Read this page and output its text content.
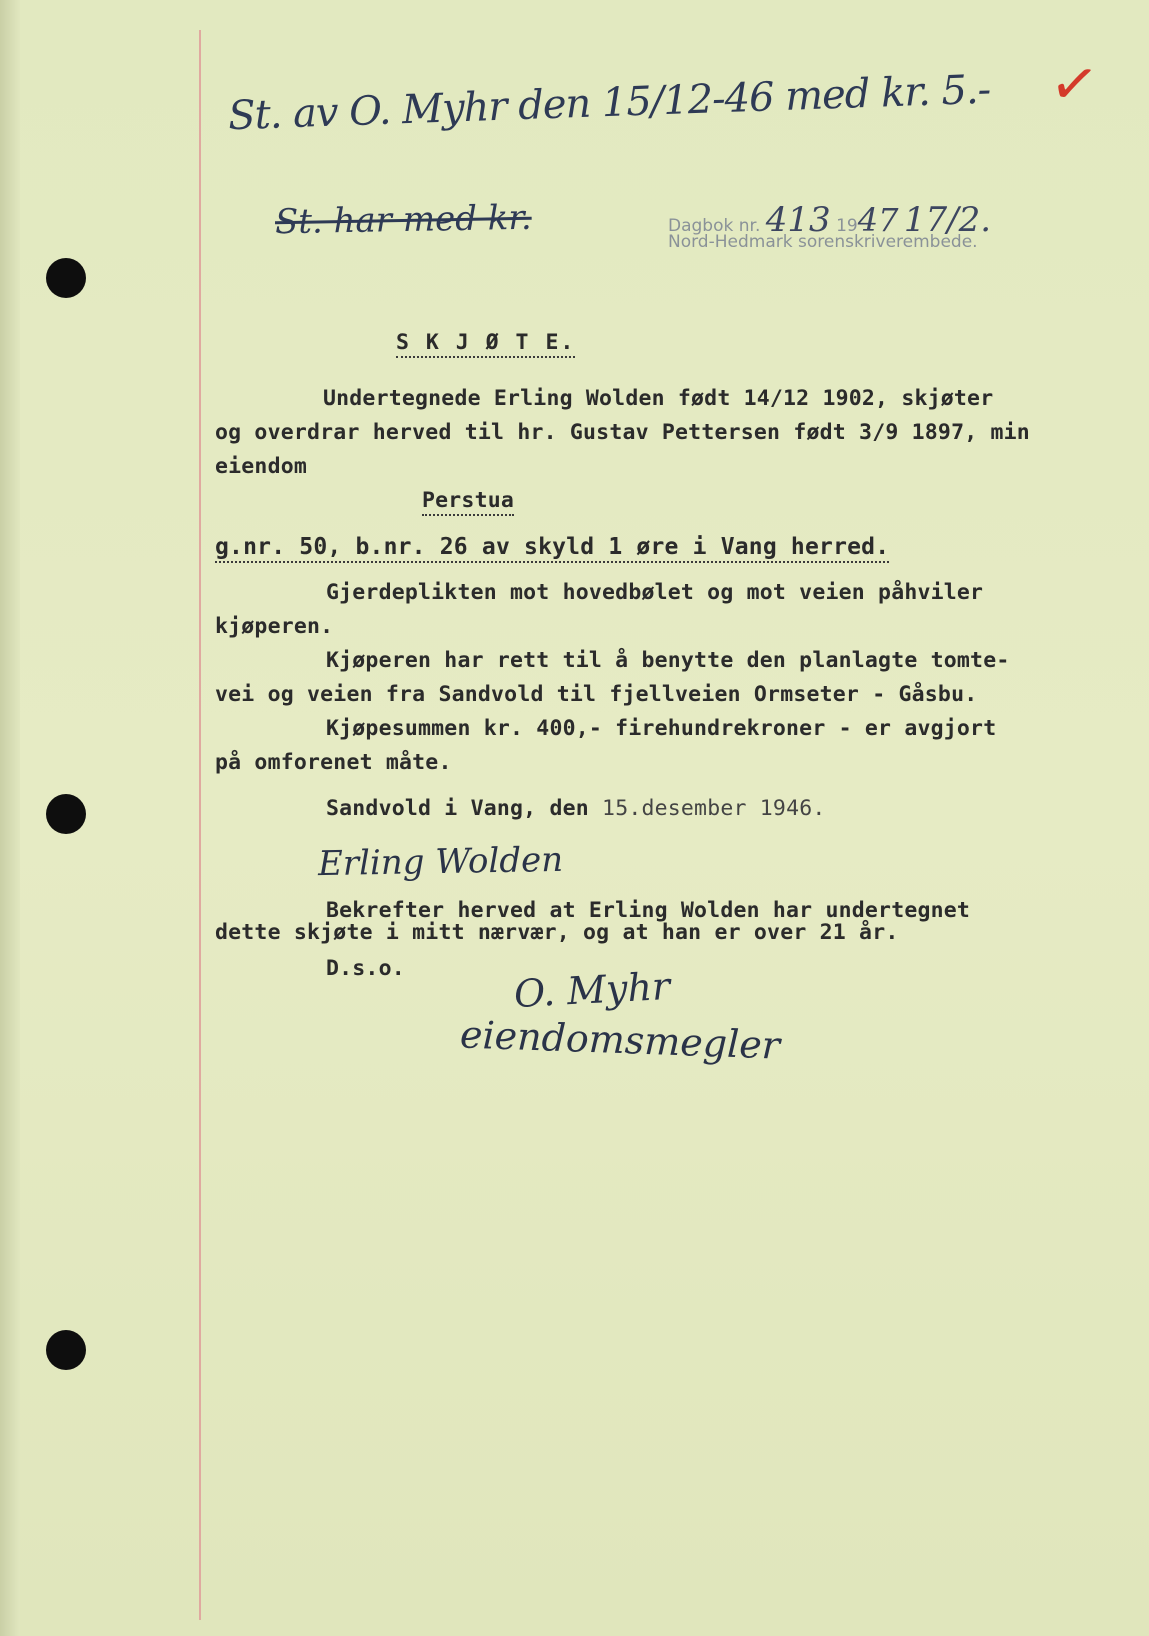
✓
St. av O. Myhr den 15/12-46 med kr. 5.-
St. har med kr.	Dagbok nr. 413 1947 17/2.
Nord-Hedmark sorenskriverembede.
S K J Ø T E.
Undertegnede Erling Wolden født 14/12 1902, skjøter
og overdrar herved til hr. Gustav Pettersen født 3/9 1897, min
eiendom
Perstua
g.nr. 50, b.nr. 26 av skyld 1 øre i Vang herred.
Gjerdeplikten mot hovedbølet og mot veien påhviler
kjøperen.
Kjøperen har rett til å benytte den planlagte tomte-
vei og veien fra Sandvold til fjellveien Ormseter - Gåsbu.
Kjøpesummen kr. 400,- firehundrekroner - er avgjort
på omforenet måte.
Sandvold i Vang, den 15.desember 1946.
Erling Wolden
Bekrefter herved at Erling Wolden har undertegnet
dette skjøte i mitt nærvær, og at han er over 21 år.
D.s.o.	O. Myhr
eiendomsmegler
